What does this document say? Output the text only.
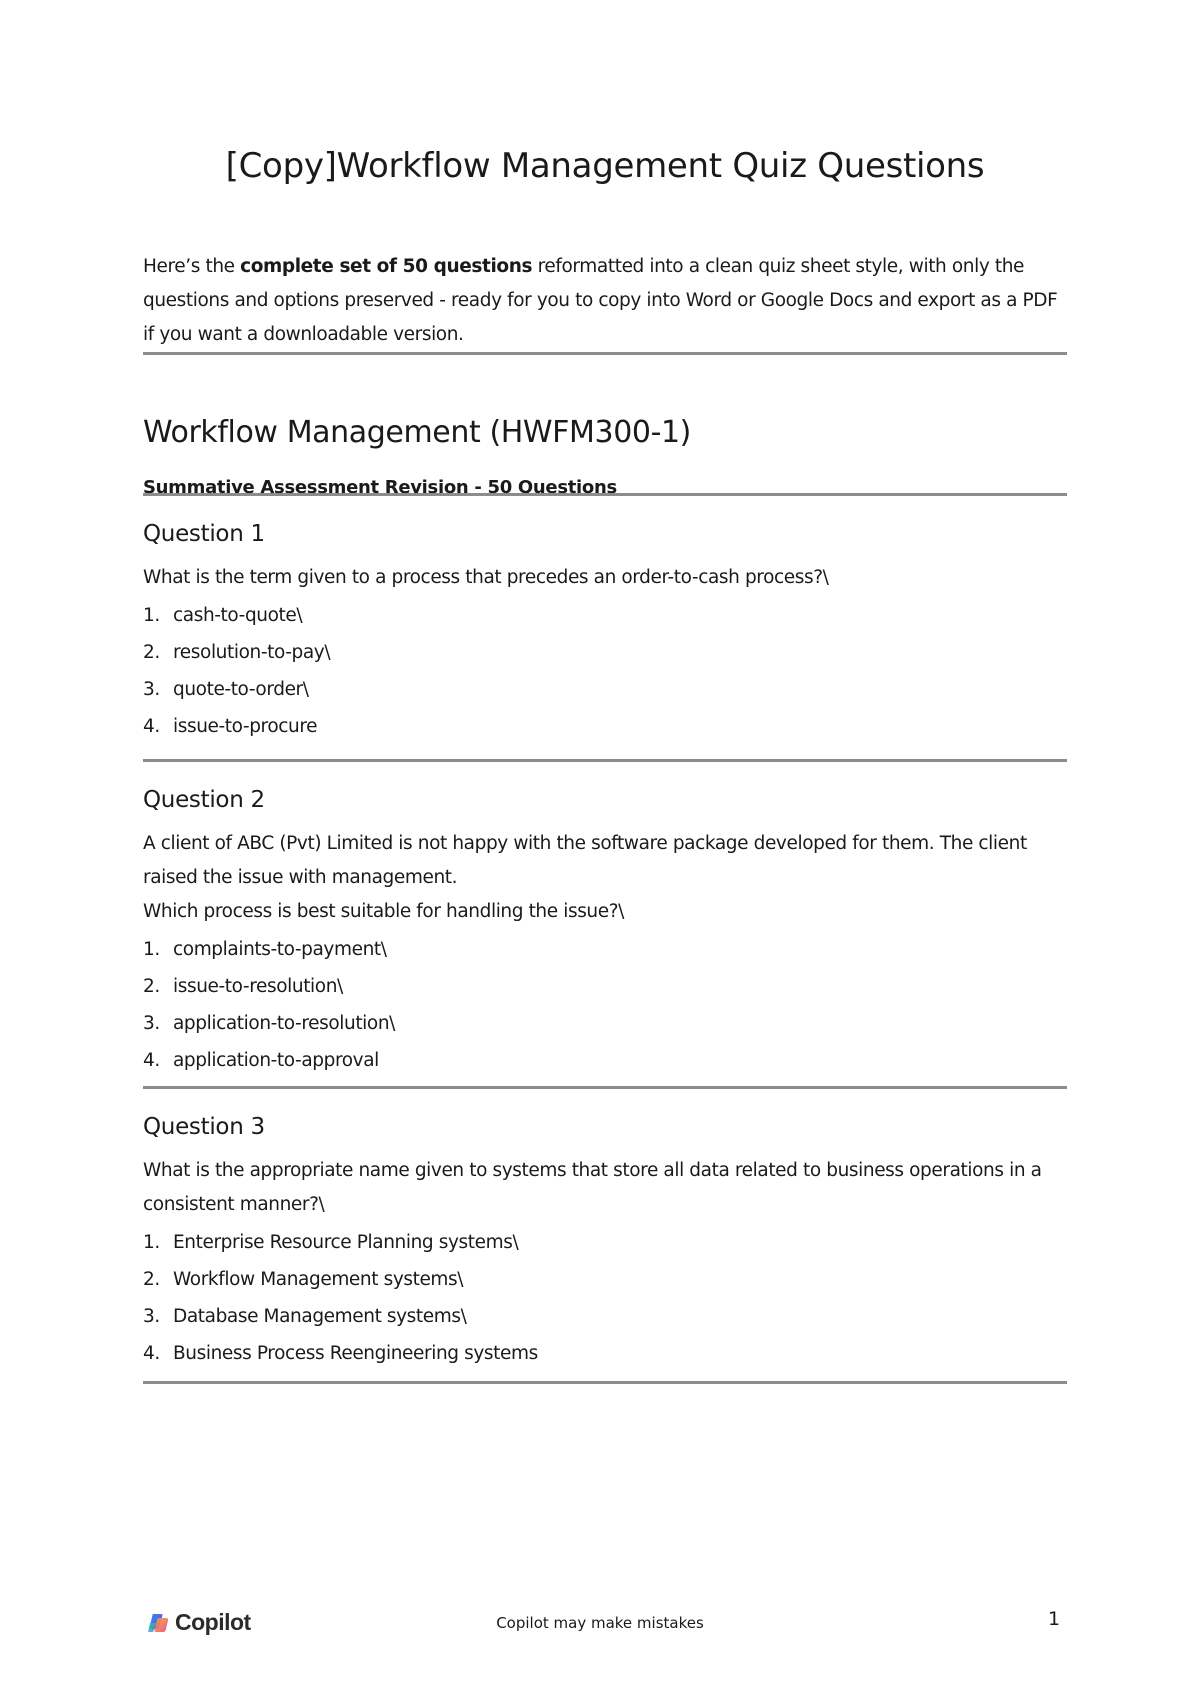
[Copy]Workflow Management Quiz Questions

Here’s the complete set of 50 questions reformatted into a clean quiz sheet style, with only the questions and options preserved - ready for you to copy into Word or Google Docs and export as a PDF if you want a downloadable version.

Workflow Management (HWFM300-1)

Summative Assessment Revision - 50 Questions

Question 1

What is the term given to a process that precedes an order-to-cash process?\

1. cash-to-quote\
2. resolution-to-pay\
3. quote-to-order\
4. issue-to-procure
Question 2

A client of ABC (Pvt) Limited is not happy with the software package developed for them. The client raised the issue with management.

Which process is best suitable for handling the issue?\

1. complaints-to-payment\
2. issue-to-resolution\
3. application-to-resolution\
4. application-to-approval
Question 3

What is the appropriate name given to systems that store all data related to business operations in a consistent manner?\

1. Enterprise Resource Planning systems\
2. Workflow Management systems\
3. Database Management systems\
4. Business Process Reengineering systems
Copilot	Copilot may make mistakes	1
